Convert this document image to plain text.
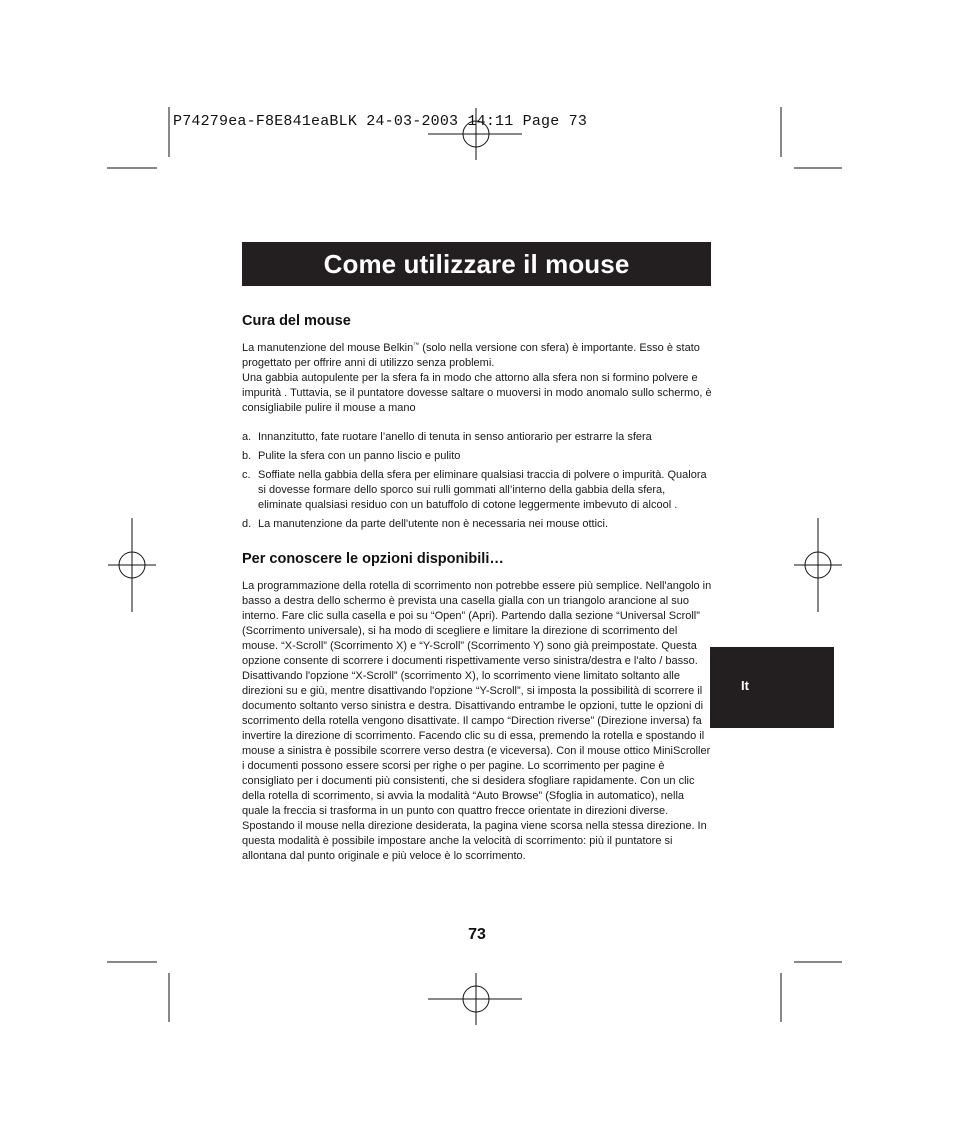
P74279ea-F8E841eaBLK 24-03-2003 14:11 Page 73
Come utilizzare il mouse
Cura del mouse

La manutenzione del mouse Belkin™ (solo nella versione con sfera) è importante. Esso è stato progettato per offrire anni di utilizzo senza problemi.

Una gabbia autopulente per la sfera fa in modo che attorno alla sfera non si formino polvere e impurità . Tuttavia, se il puntatore dovesse saltare o muoversi in modo anomalo sullo schermo, è consigliabile pulire il mouse a mano

a. Innanzitutto, fate ruotare l’anello di tenuta in senso antiorario per estrarre la sfera
b. Pulite la sfera con un panno liscio e pulito
c. Soffiate nella gabbia della sfera per eliminare qualsiasi traccia di polvere o impurità. Qualora si dovesse formare dello sporco sui rulli gommati all’interno della gabbia della sfera, eliminate qualsiasi residuo con un batuffolo di cotone leggermente imbevuto di alcool .
d. La manutenzione da parte dell'utente non è necessaria nei mouse ottici.
Per conoscere le opzioni disponibili…

La programmazione della rotella di scorrimento non potrebbe essere più semplice. Nell'angolo in basso a destra dello schermo è prevista una casella gialla con un triangolo arancione al suo interno. Fare clic sulla casella e poi su “Open” (Apri). Partendo dalla sezione “Universal Scroll” (Scorrimento universale), si ha modo di scegliere e limitare la direzione di scorrimento del mouse. “X-Scroll” (Scorrimento X) e “Y-Scroll” (Scorrimento Y) sono già preimpostate. Questa opzione consente di scorrere i documenti rispettivamente verso sinistra/destra e l'alto / basso. Disattivando l'opzione “X-Scroll” (scorrimento X), lo scorrimento viene limitato soltanto alle direzioni su e giù, mentre disattivando l'opzione “Y-Scroll”, si imposta la possibilità di scorrere il documento soltanto verso sinistra e destra. Disattivando entrambe le opzioni, tutte le opzioni di scorrimento della rotella vengono disattivate. Il campo “Direction riverse” (Direzione inversa) fa invertire la direzione di scorrimento. Facendo clic su di essa, premendo la rotella e spostando il mouse a sinistra è possibile scorrere verso destra (e viceversa). Con il mouse ottico MiniScroller i documenti possono essere scorsi per righe o per pagine. Lo scorrimento per pagine è consigliato per i documenti più consistenti, che si desidera sfogliare rapidamente. Con un clic della rotella di scorrimento, si avvia la modalità “Auto Browse” (Sfoglia in automatico), nella quale la freccia si trasforma in un punto con quattro frecce orientate in direzioni diverse. Spostando il mouse nella direzione desiderata, la pagina viene scorsa nella stessa direzione. In questa modalità è possibile impostare anche la velocità di scorrimento: più il puntatore si allontana dal punto originale e più veloce è lo scorrimento.

73
It
